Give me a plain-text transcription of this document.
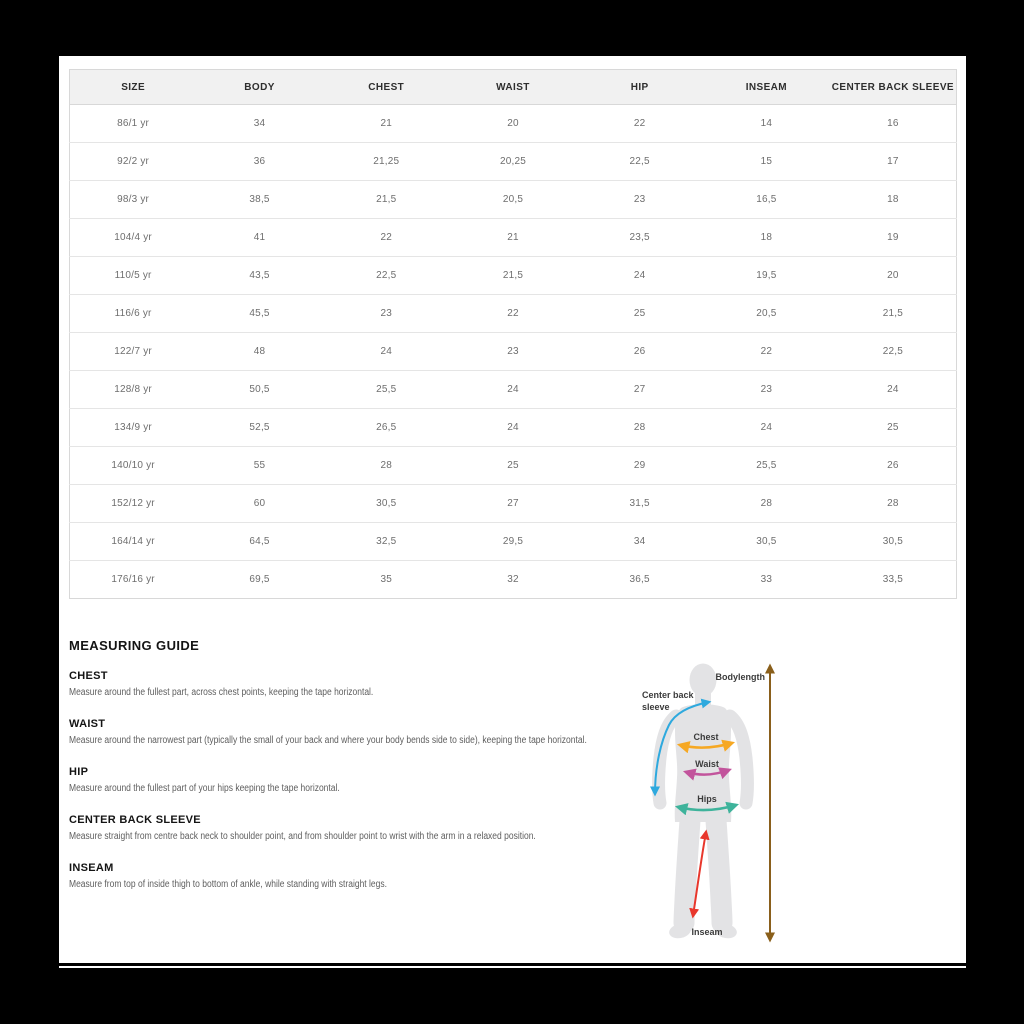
SIZE	BODY	CHEST	WAIST	HIP	INSEAM	CENTER BACK SLEEVE
86/1 yr	34	21	20	22	14	16
92/2 yr	36	21,25	20,25	22,5	15	17
98/3 yr	38,5	21,5	20,5	23	16,5	18
104/4 yr	41	22	21	23,5	18	19
110/5 yr	43,5	22,5	21,5	24	19,5	20
116/6 yr	45,5	23	22	25	20,5	21,5
122/7 yr	48	24	23	26	22	22,5
128/8 yr	50,5	25,5	24	27	23	24
134/9 yr	52,5	26,5	24	28	24	25
140/10 yr	55	28	25	29	25,5	26
152/12 yr	60	30,5	27	31,5	28	28
164/14 yr	64,5	32,5	29,5	34	30,5	30,5
176/16 yr	69,5	35	32	36,5	33	33,5
MEASURING GUIDE
CHEST

Measure around the fullest part, across chest points, keeping the tape horizontal.

WAIST

Measure around the narrowest part (typically the small of your back and where your body bends side to side), keeping the tape horizontal.

HIP

Measure around the fullest part of your hips keeping the tape horizontal.

CENTER BACK SLEEVE

Measure straight from centre back neck to shoulder point, and from shoulder point to wrist with the arm in a relaxed position.

INSEAM

Measure from top of inside thigh to bottom of ankle, while standing with straight legs.

Bodylength
Center back
sleeve
Chest
Waist
Hips
Inseam
